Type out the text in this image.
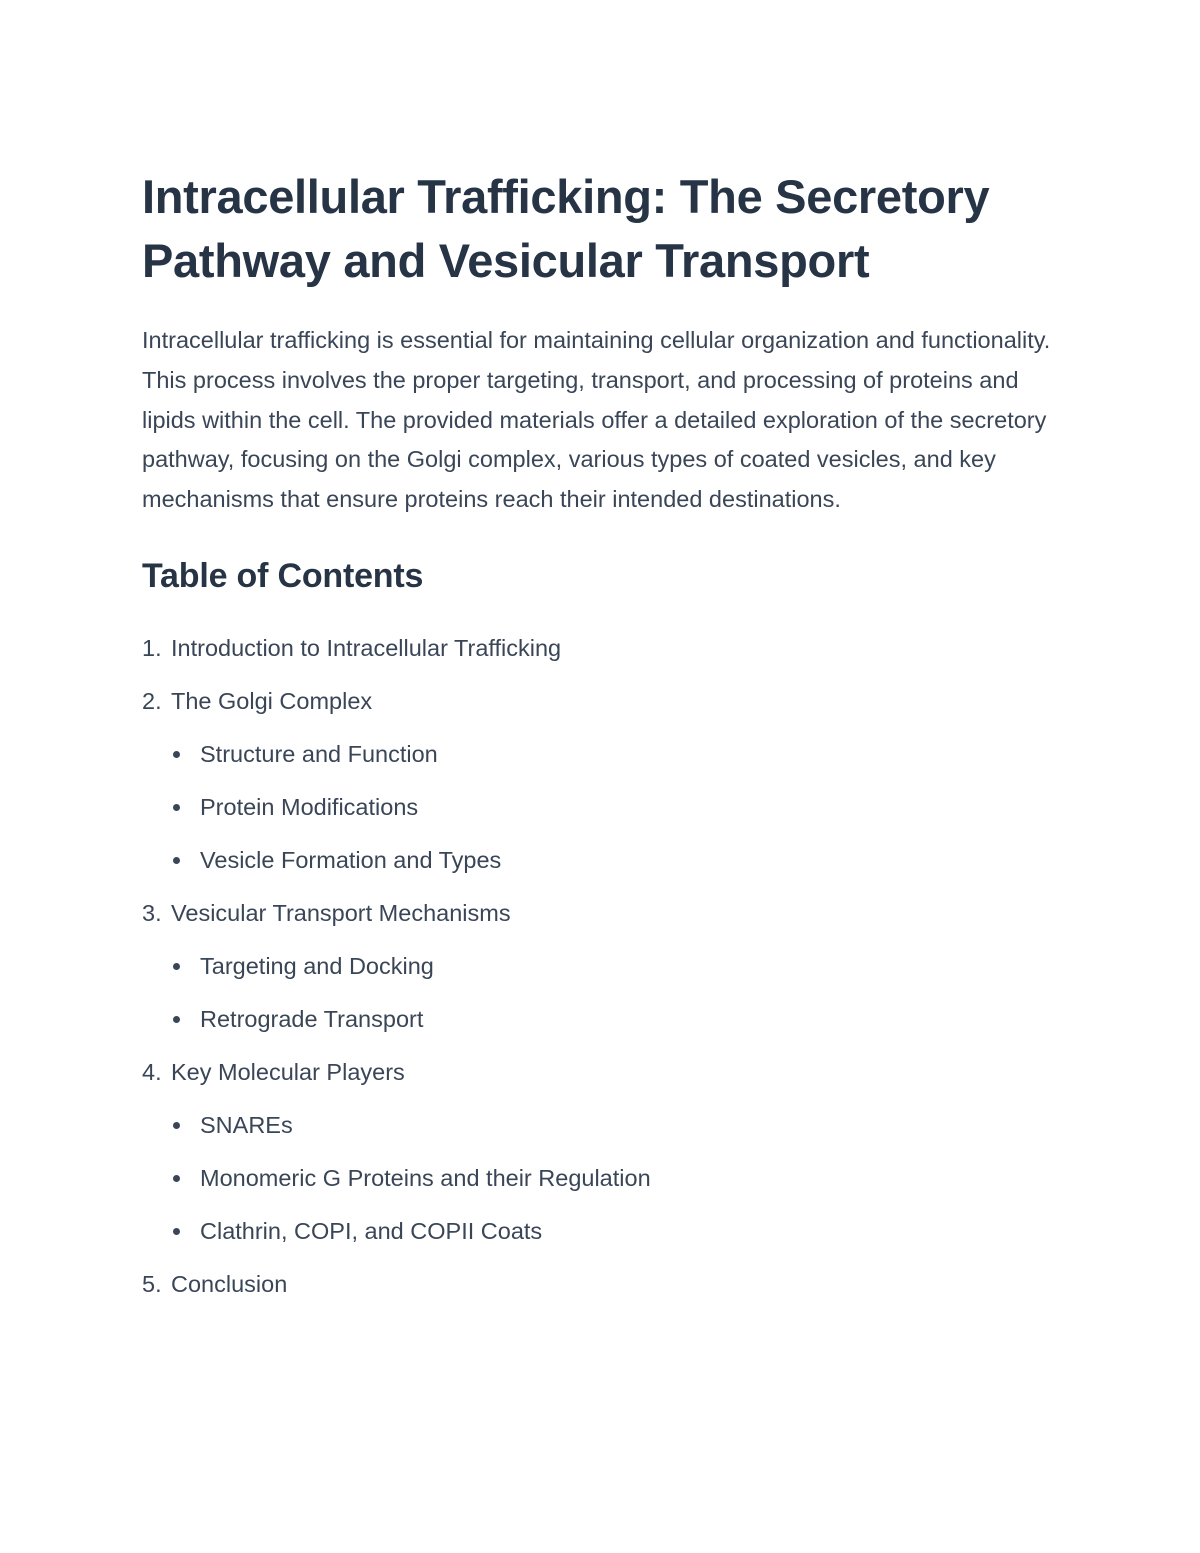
Intracellular Trafficking: The Secretory Pathway and Vesicular Transport

Intracellular trafficking is essential for maintaining cellular organization and functionality. This process involves the proper targeting, transport, and processing of proteins and lipids within the cell. The provided materials offer a detailed exploration of the secretory pathway, focusing on the Golgi complex, various types of coated vesicles, and key mechanisms that ensure proteins reach their intended destinations.

Table of Contents
1. Introduction to Intracellular Trafficking
2. The Golgi Complex
Structure and Function
Protein Modifications
Vesicle Formation and Types
3. Vesicular Transport Mechanisms
Targeting and Docking
Retrograde Transport
4. Key Molecular Players
SNAREs
Monomeric G Proteins and their Regulation
Clathrin, COPI, and COPII Coats
5. Conclusion
